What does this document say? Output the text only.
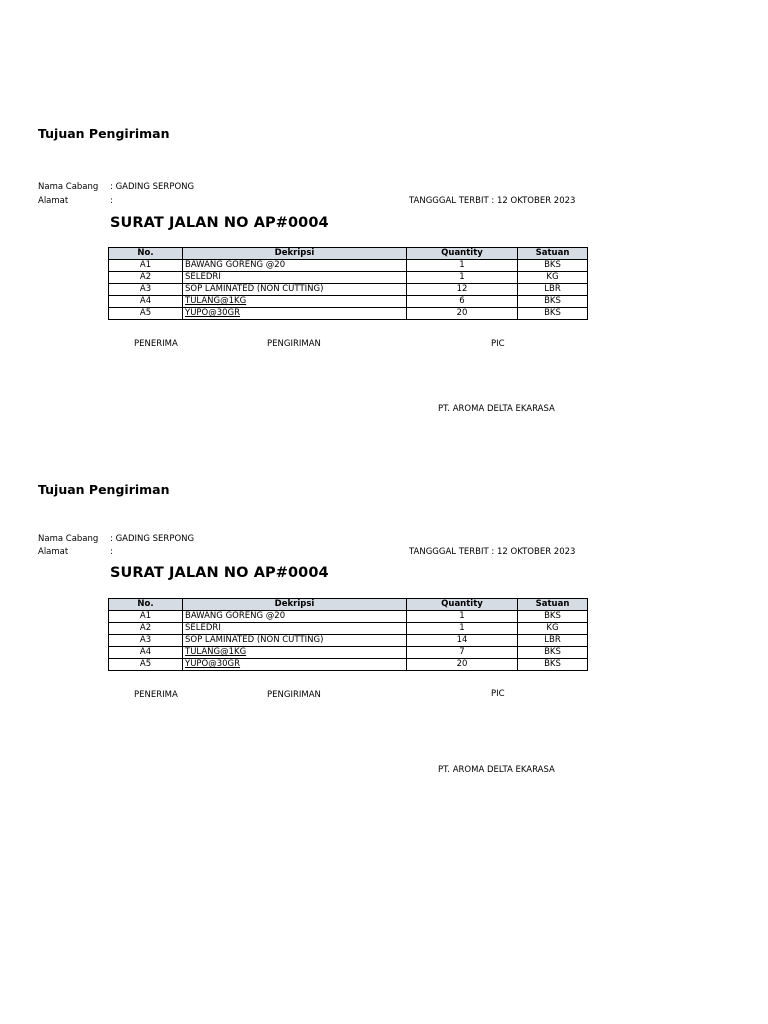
Tujuan Pengiriman
Nama Cabang : GADING SERPONG
Alamat	:	TANGGGAL TERBIT : 12 OKTOBER 2023
SURAT JALAN NO AP#0004
No.	Dekripsi	Quantity	Satuan
A1	BAWANG GORENG @20	1	BKS
A2	SELEDRI	1	KG
A3	SOP LAMINATED (NON CUTTING)	12	LBR
A4	TULANG@1KG	6	BKS
A5	YUPO@30GR	20	BKS
PENERIMA	PENGIRIMAN	PIC
PT. AROMA DELTA EKARASA
Tujuan Pengiriman
Nama Cabang : GADING SERPONG
Alamat	:	TANGGGAL TERBIT : 12 OKTOBER 2023
SURAT JALAN NO AP#0004
No.	Dekripsi	Quantity	Satuan
A1	BAWANG GORENG @20	1	BKS
A2	SELEDRI	1	KG
A3	SOP LAMINATED (NON CUTTING)	14	LBR
A4	TULANG@1KG	7	BKS
A5	YUPO@30GR	20	BKS
PENERIMA	PENGIRIMAN	PIC
PT. AROMA DELTA EKARASA
